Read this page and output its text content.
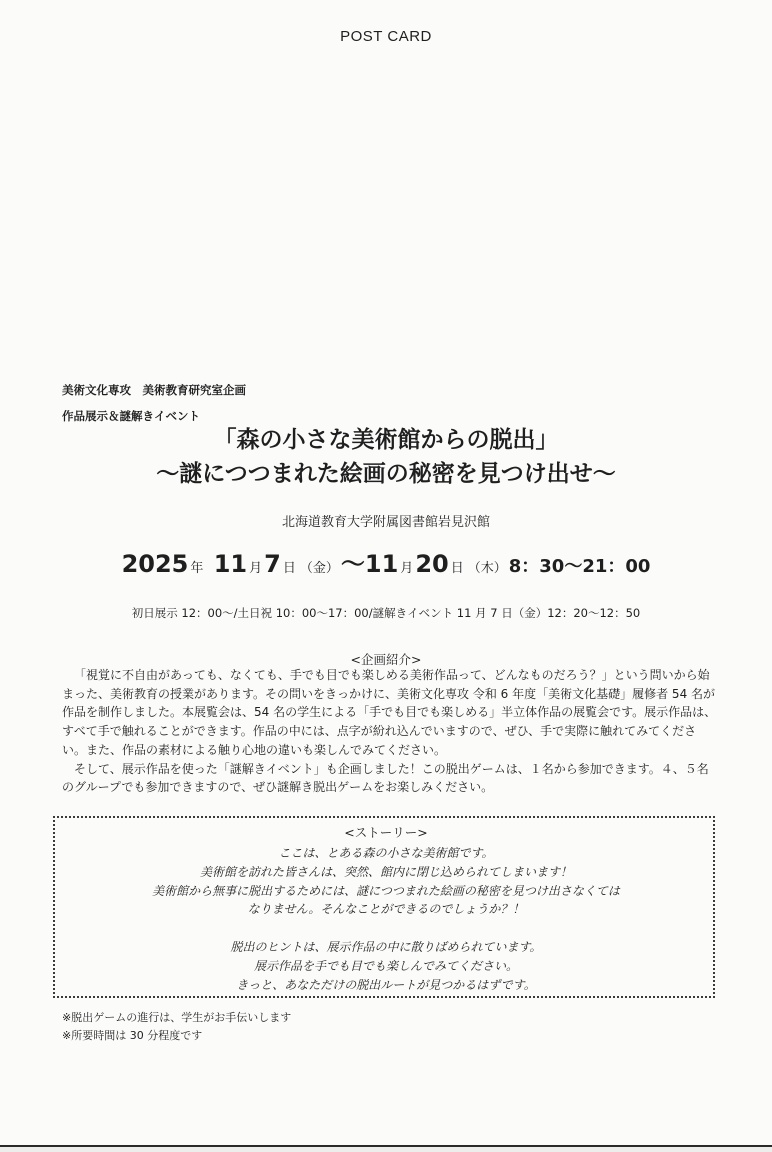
POST CARD
美術文化専攻　美術教育研究室企画
作品展示＆謎解きイベント
「森の小さな美術館からの脱出」
～謎につつまれた絵画の秘密を見つけ出せ～
北海道教育大学附属図書館岩見沢館
2025 年 11 月7 日 （金）～11 月20 日 （木） 8：30～21：00
初日展示 12：00～/土日祝 10：00～17：00/謎解きイベント 11 月 7 日（金）12：20～12：50
<企画紹介>

「視覚に不自由があっても、なくても、手でも目でも楽しめる美術作品って、どんなものだろう？」という問いから始まった、美術教育の授業があります。その問いをきっかけに、美術文化専攻 令和 6 年度「美術文化基礎」履修者 54 名が作品を制作しました。本展覧会は、54 名の学生による「手でも目でも楽しめる」半立体作品の展覧会です。展示作品は、すべて手で触れることができます。作品の中には、点字が紛れ込んでいますので、ぜひ、手で実際に触れてみてください。また、作品の素材による触り心地の違いも楽しんでみてください。

そして、展示作品を使った「謎解きイベント」も企画しました！この脱出ゲームは、１名から参加できます。４、５名のグループでも参加できますので、ぜひ謎解き脱出ゲームをお楽しみください。

<ストーリー>
ここは、とある森の小さな美術館です。
美術館を訪れた皆さんは、突然、館内に閉じ込められてしまいます！
美術館から無事に脱出するためには、謎につつまれた絵画の秘密を見つけ出さなくては
なりません。そんなことができるのでしょうか？！
脱出のヒントは、展示作品の中に散りばめられています。
展示作品を手でも目でも楽しんでみてください。
きっと、あなただけの脱出ルートが見つかるはずです。
※脱出ゲームの進行は、学生がお手伝いします
※所要時間は 30 分程度です
